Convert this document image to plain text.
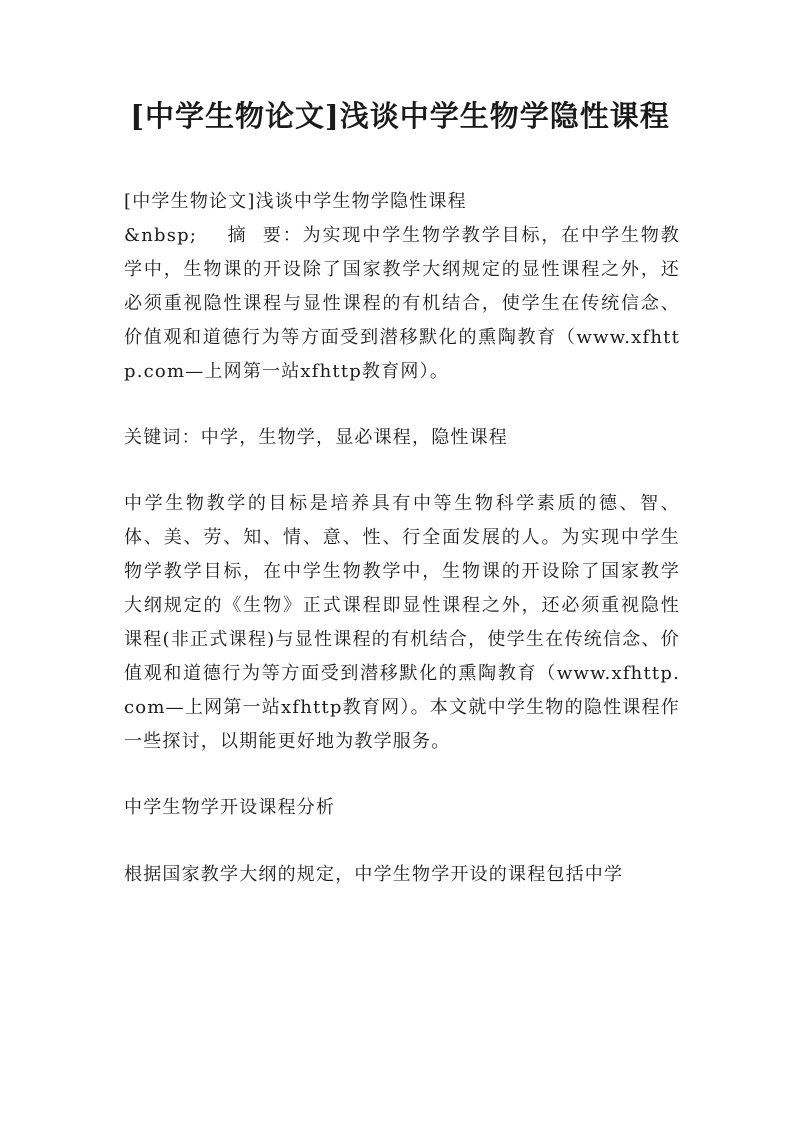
[中学生物论文]浅谈中学生物学隐性课程

[中学生物论文]浅谈中学生物学隐性课程

&nbsp;    摘  要：为实现中学生物学教学目标，在中学生物教学中，生物课的开设除了国家教学大纲规定的显性课程之外，还必须重视隐性课程与显性课程的有机结合，使学生在传统信念、价值观和道德行为等方面受到潜移默化的熏陶教育（www.xfhttp.com—上网第一站xfhttp教育网）。

关键词：中学，生物学，显必课程，隐性课程

中学生物教学的目标是培养具有中等生物科学素质的德、智、体、美、劳、知、情、意、性、行全面发展的人。为实现中学生物学教学目标，在中学生物教学中，生物课的开设除了国家教学大纲规定的《生物》正式课程即显性课程之外，还必须重视隐性课程(非正式课程)与显性课程的有机结合，使学生在传统信念、价值观和道德行为等方面受到潜移默化的熏陶教育（www.xfhttp.com—上网第一站xfhttp教育网）。本文就中学生物的隐性课程作一些探讨，以期能更好地为教学服务。

中学生物学开设课程分析

根据国家教学大纲的规定，中学生物学开设的课程包括中学
